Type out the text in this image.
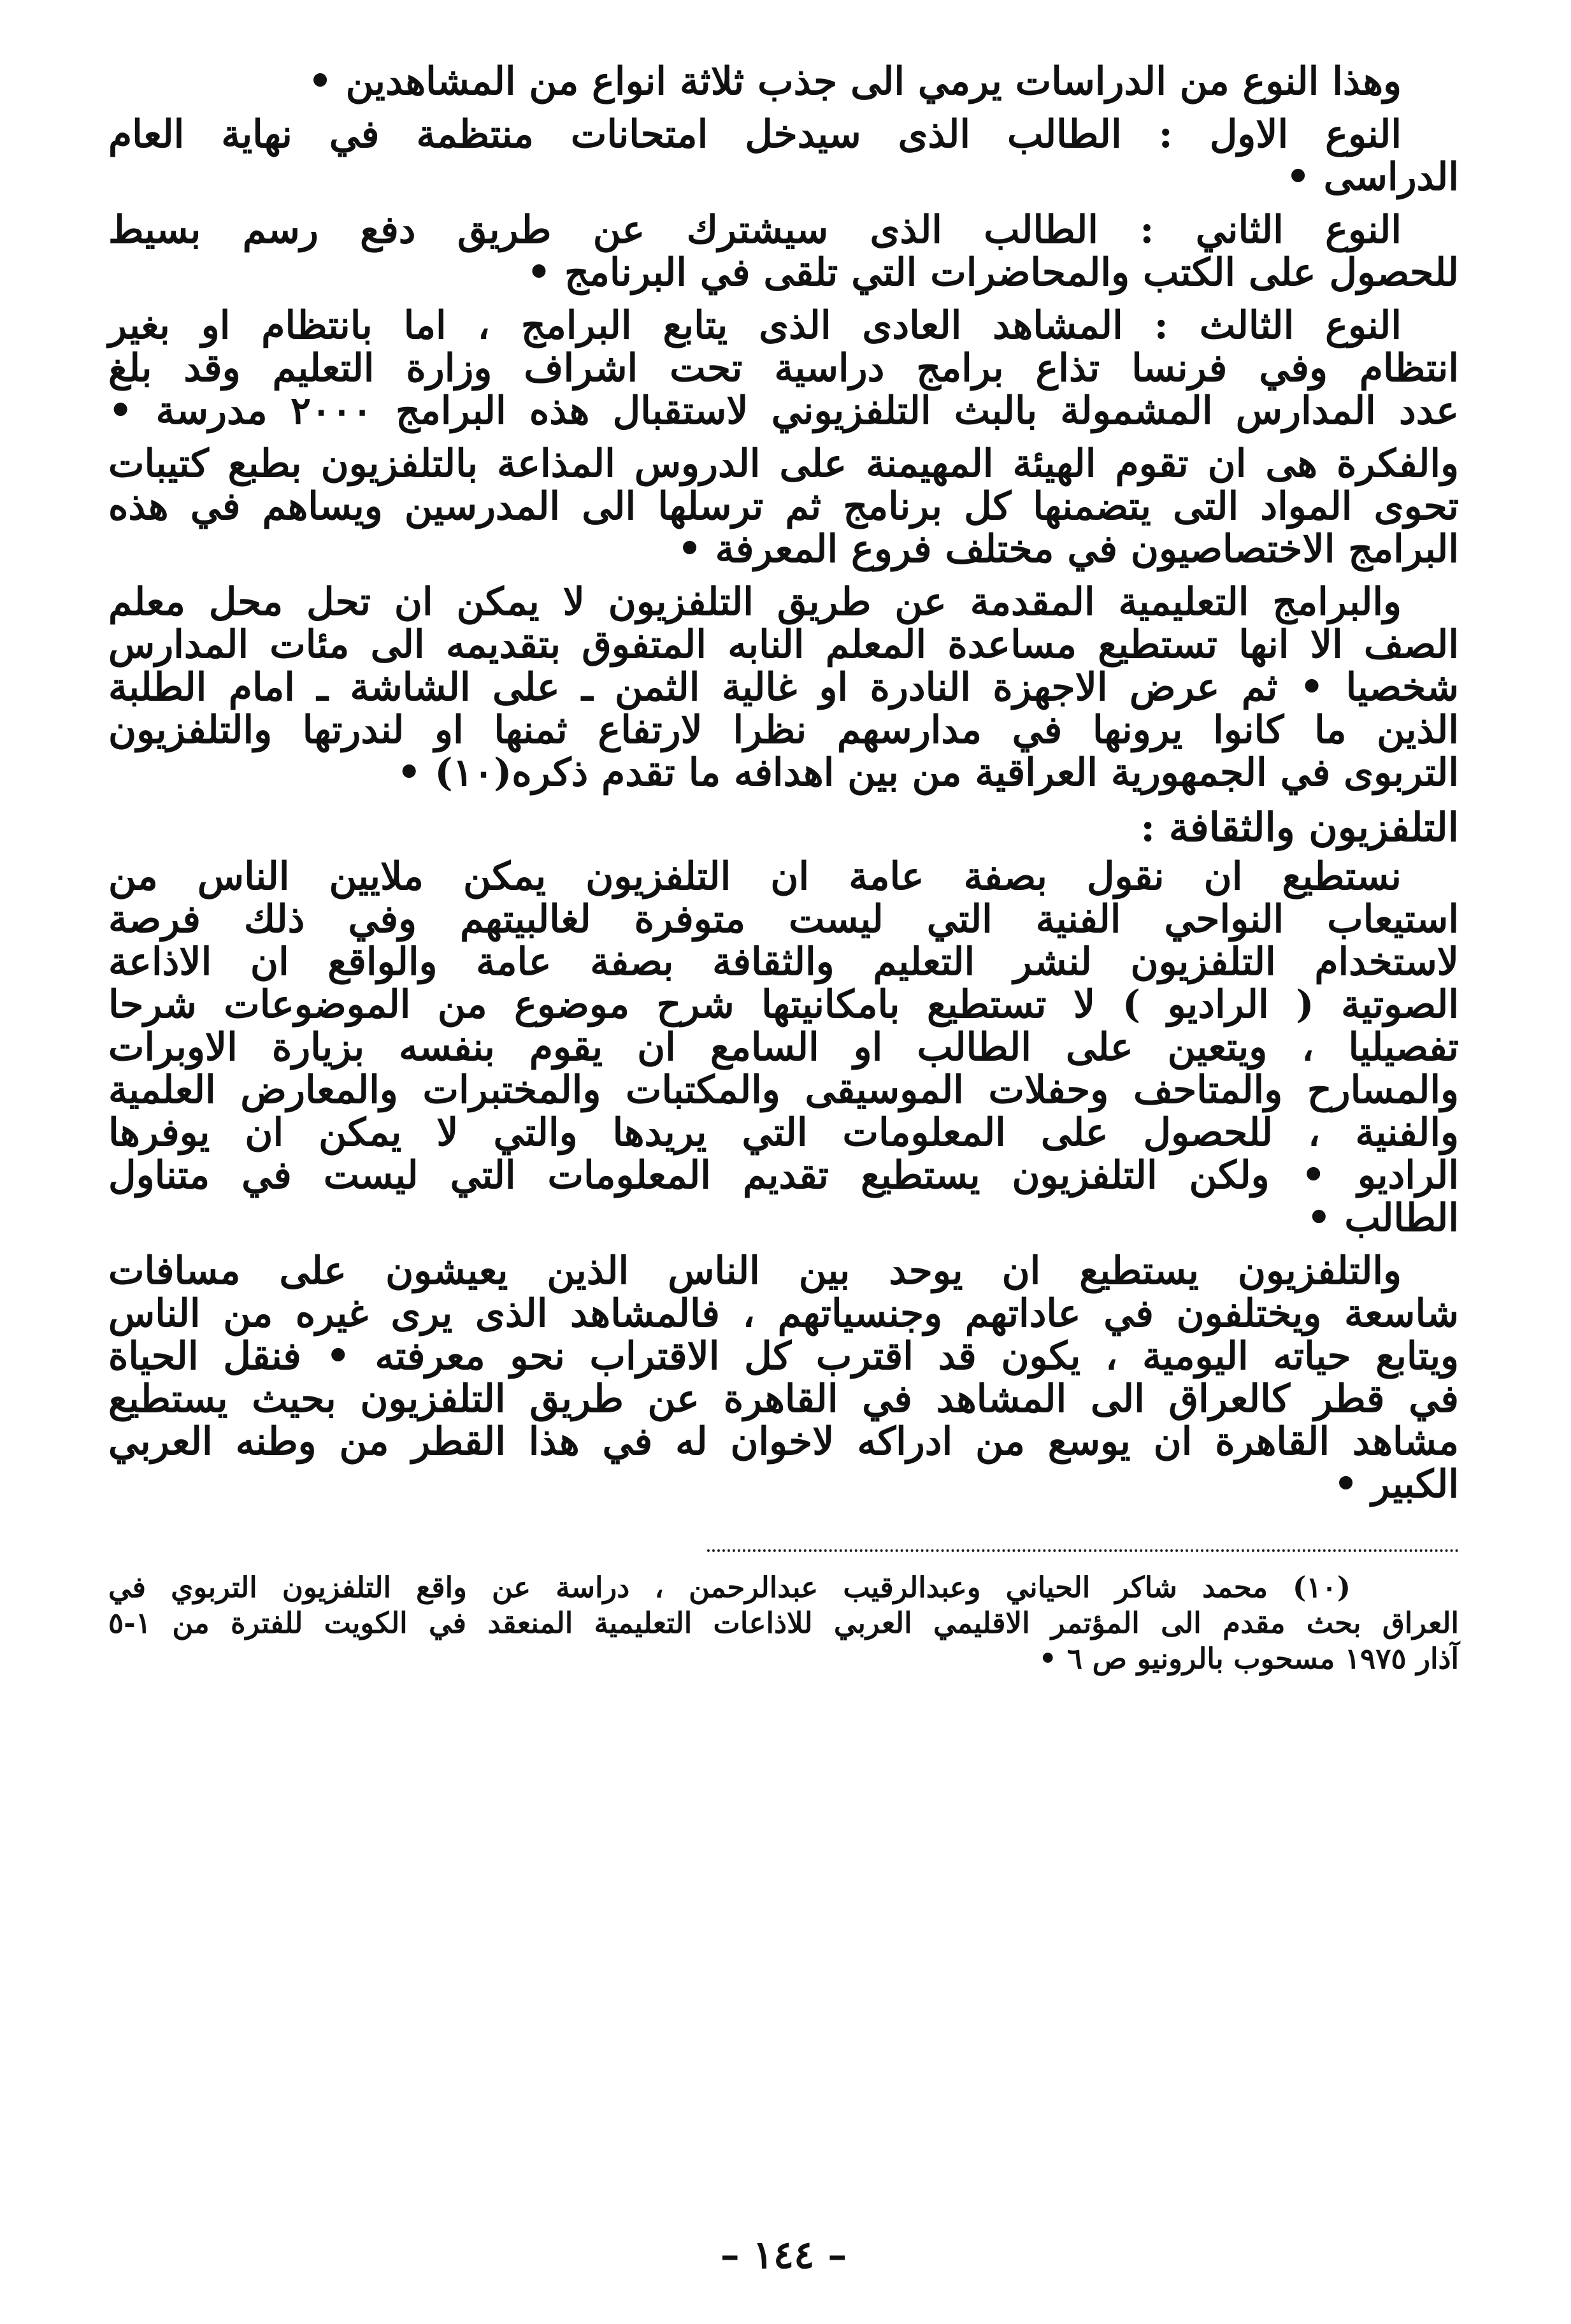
وهذا النوع من الدراسات يرمي الى جذب ثلاثة انواع من المشاهدين •
النوع الاول : الطالب الذى سيدخل امتحانات منتظمة في نهاية العام
الدراسى •
النوع الثاني : الطالب الذى سيشترك عن طريق دفع رسم بسيط
للحصول على الكتب والمحاضرات التي تلقى في البرنامج •
النوع الثالث : المشاهد العادى الذى يتابع البرامج ، اما بانتظام او بغير
انتظام وفي فرنسا تذاع برامج دراسية تحت اشراف وزارة التعليم وقد بلغ
عدد المدارس المشمولة بالبث التلفزيوني لاستقبال هذه البرامج ٢٠٠٠ مدرسة •
والفكرة هى ان تقوم الهيئة المهيمنة على الدروس المذاعة بالتلفزيون بطبع كتيبات
تحوى المواد التى يتضمنها كل برنامج ثم ترسلها الى المدرسين ويساهم في هذه
البرامج الاختصاصيون في مختلف فروع المعرفة •
والبرامج التعليمية المقدمة عن طريق التلفزيون لا يمكن ان تحل محل معلم
الصف الا انها تستطيع مساعدة المعلم النابه المتفوق بتقديمه الى مئات المدارس
شخصيا • ثم عرض الاجهزة النادرة او غالية الثمن ـ على الشاشة ـ امام الطلبة
الذين ما كانوا يرونها في مدارسهم نظرا لارتفاع ثمنها او لندرتها والتلفزيون
التربوى في الجمهورية العراقية من بين اهدافه ما تقدم ذكره(١٠) •
التلفزيون والثقافة :
نستطيع ان نقول بصفة عامة ان التلفزيون يمكن ملايين الناس من
استيعاب النواحي الفنية التي ليست متوفرة لغالبيتهم وفي ذلك فرصة
لاستخدام التلفزيون لنشر التعليم والثقافة بصفة عامة والواقع ان الاذاعة
الصوتية ( الراديو ) لا تستطيع بامكانيتها شرح موضوع من الموضوعات شرحا
تفصيليا ، ويتعين على الطالب او السامع ان يقوم بنفسه بزيارة الاوبرات
والمسارح والمتاحف وحفلات الموسيقى والمكتبات والمختبرات والمعارض العلمية
والفنية ، للحصول على المعلومات التي يريدها والتي لا يمكن ان يوفرها
الراديو • ولكن التلفزيون يستطيع تقديم المعلومات التي ليست في متناول
الطالب •
والتلفزيون يستطيع ان يوحد بين الناس الذين يعيشون على مسافات
شاسعة ويختلفون في عاداتهم وجنسياتهم ، فالمشاهد الذى يرى غيره من الناس
ويتابع حياته اليومية ، يكون قد اقترب كل الاقتراب نحو معرفته • فنقل الحياة
في قطر كالعراق الى المشاهد في القاهرة عن طريق التلفزيون بحيث يستطيع
مشاهد القاهرة ان يوسع من ادراكه لاخوان له في هذا القطر من وطنه العربي
الكبير •
(١٠) محمد شاكر الحياني وعبدالرقيب عبدالرحمن ، دراسة عن واقع التلفزيون التربوي في
العراق بحث مقدم الى المؤتمر الاقليمي العربي للاذاعات التعليمية المنعقد في الكويت للفترة من ١-٥
آذار ١٩٧٥ مسحوب بالرونيو ص ٦ •
– ١٤٤ –
